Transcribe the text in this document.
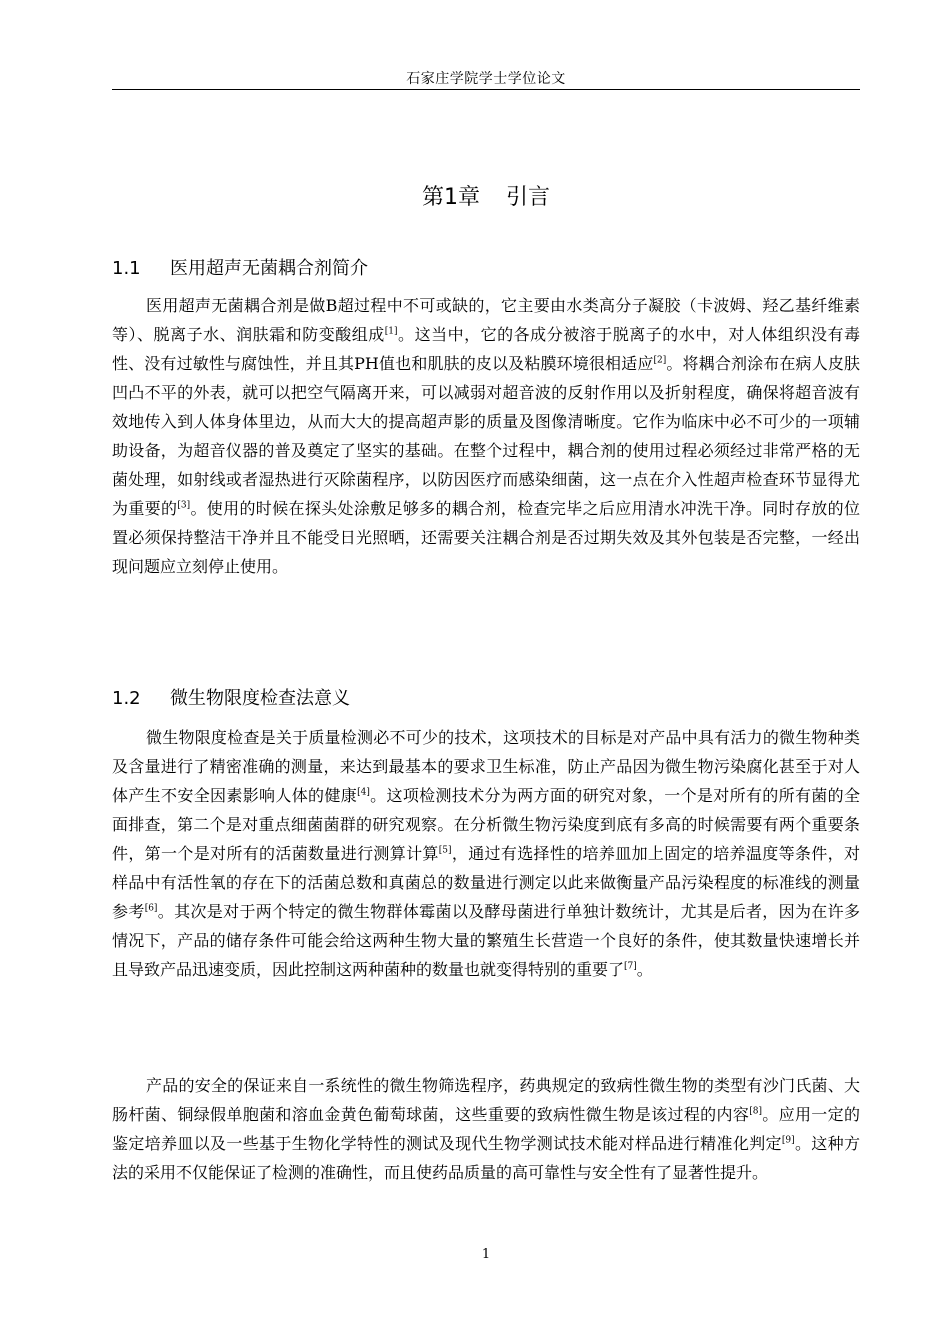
石家庄学院学士学位论文
第1章 引言
1.1 医用超声无菌耦合剂简介

医用超声无菌耦合剂是做B超过程中不可或缺的，它主要由水类高分子凝胶（卡波姆、羟乙基纤维素等）、脱离子水、润肤霜和防变酸组成[1]。这当中，它的各成分被溶于脱离子的水中，对人体组织没有毒性、没有过敏性与腐蚀性，并且其PH值也和肌肤的皮以及粘膜环境很相适应[2]。将耦合剂涂布在病人皮肤凹凸不平的外表，就可以把空气隔离开来，可以减弱对超音波的反射作用以及折射程度，确保将超音波有效地传入到人体身体里边，从而大大的提高超声影的质量及图像清晰度。它作为临床中必不可少的一项辅助设备，为超音仪器的普及奠定了坚实的基础。在整个过程中，耦合剂的使用过程必须经过非常严格的无菌处理，如射线或者湿热进行灭除菌程序，以防因医疗而感染细菌，这一点在介入性超声检查环节显得尤为重要的[3]。使用的时候在探头处涂敷足够多的耦合剂，检查完毕之后应用清水冲洗干净。同时存放的位置必须保持整洁干净并且不能受日光照晒，还需要关注耦合剂是否过期失效及其外包装是否完整，一经出现问题应立刻停止使用。

1.2 微生物限度检查法意义

微生物限度检查是关于质量检测必不可少的技术，这项技术的目标是对产品中具有活力的微生物种类及含量进行了精密准确的测量，来达到最基本的要求卫生标准，防止产品因为微生物污染腐化甚至于对人体产生不安全因素影响人体的健康[4]。这项检测技术分为两方面的研究对象，一个是对所有的所有菌的全面排查，第二个是对重点细菌菌群的研究观察。在分析微生物污染度到底有多高的时候需要有两个重要条件，第一个是对所有的活菌数量进行测算计算[5]，通过有选择性的培养皿加上固定的培养温度等条件，对样品中有活性氧的存在下的活菌总数和真菌总的数量进行测定以此来做衡量产品污染程度的标准线的测量参考[6]。其次是对于两个特定的微生物群体霉菌以及酵母菌进行单独计数统计，尤其是后者，因为在许多情况下，产品的储存条件可能会给这两种生物大量的繁殖生长营造一个良好的条件，使其数量快速增长并且导致产品迅速变质，因此控制这两种菌种的数量也就变得特别的重要了[7]。

产品的安全的保证来自一系统性的微生物筛选程序，药典规定的致病性微生物的类型有沙门氏菌、大肠杆菌、铜绿假单胞菌和溶血金黄色葡萄球菌，这些重要的致病性微生物是该过程的内容[8]。应用一定的鉴定培养皿以及一些基于生物化学特性的测试及现代生物学测试技术能对样品进行精准化判定[9]。这种方法的采用不仅能保证了检测的准确性，而且使药品质量的高可靠性与安全性有了显著性提升。

1
